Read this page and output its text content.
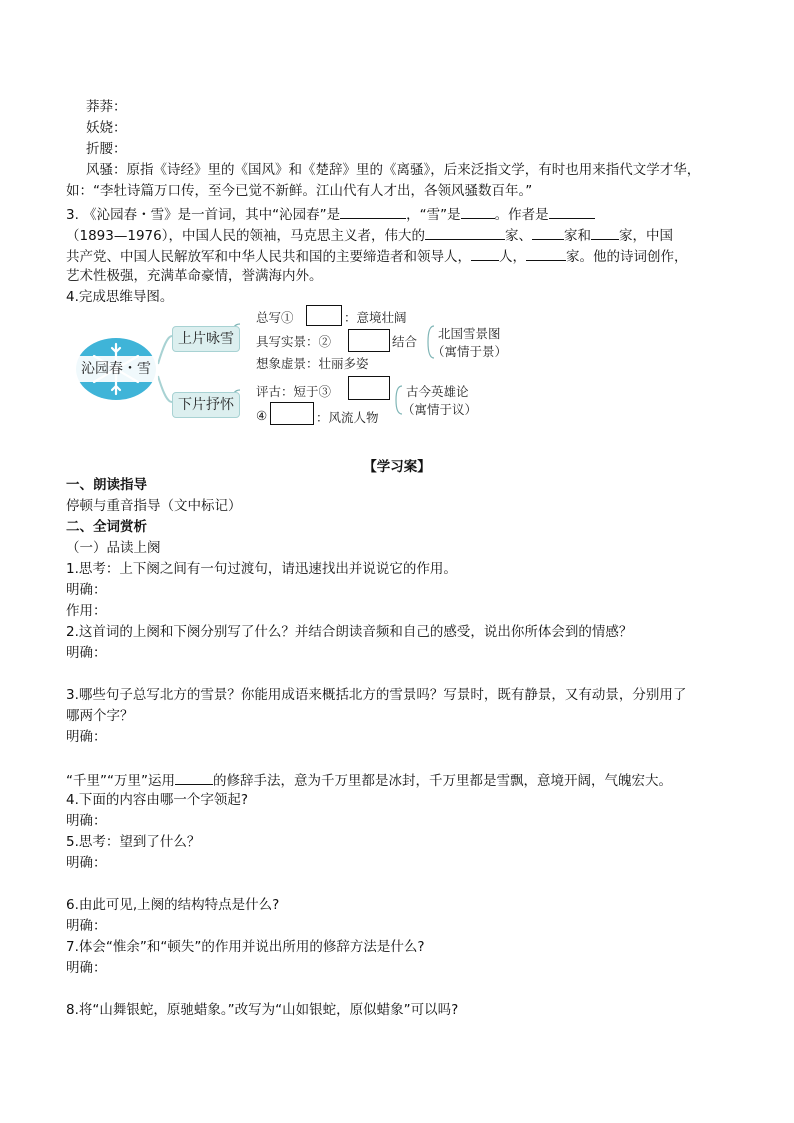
莽莽：
妖娆：
折腰：
风骚：原指《诗经》里的《国风》和《楚辞》里的《离骚》，后来泛指文学，有时也用来指代文学才华，
如：“李牡诗篇万口传，至今已觉不新鲜。江山代有人才出，各领风骚数百年。”
3. 《沁园春・雪》是一首词，其中“沁园春”是	，“雪”是	。作者是
（1893—1976），中国人民的领袖，马克思主义者，伟大的	家、 家和 家，中国
共产党、中国人民解放军和中华人民共和国的主要缔造者和领导人， 人，	家。他的诗词创作，
艺术性极强，充满革命豪情，誉满海内外。
4.完成思维导图。
沁园春・雪
上片咏雪
下片抒怀
总写①	：意境壮阔
具写实景：②	结合
想象虚景：壮丽多姿
北国雪景图
（寓情于景）
评古：短于③
④	：风流人物
古今英雄论
（寓情于议）
【学习案】
一、朗读指导
停顿与重音指导（文中标记）
二、全词赏析
（一）品读上阕
1.思考：上下阕之间有一句过渡句，请迅速找出并说说它的作用。
明确：
作用：
2.这首词的上阕和下阕分别写了什么？并结合朗读音频和自己的感受，说出你所体会到的情感？
明确：
3.哪些句子总写北方的雪景？你能用成语来概括北方的雪景吗？写景时，既有静景，又有动景，分别用了
哪两个字？
明确：
“千里”“万里”运用	的修辞手法，意为千万里都是冰封，千万里都是雪飘，意境开阔，气魄宏大。
4.下面的内容由哪一个字领起?
明确：
5.思考：望到了什么？
明确：
6.由此可见,上阕的结构特点是什么?
明确：
7.体会“惟余”和“顿失”的作用并说出所用的修辞方法是什么?
明确：
8.将“山舞银蛇，原驰蜡象。”改写为“山如银蛇，原似蜡象”可以吗?
